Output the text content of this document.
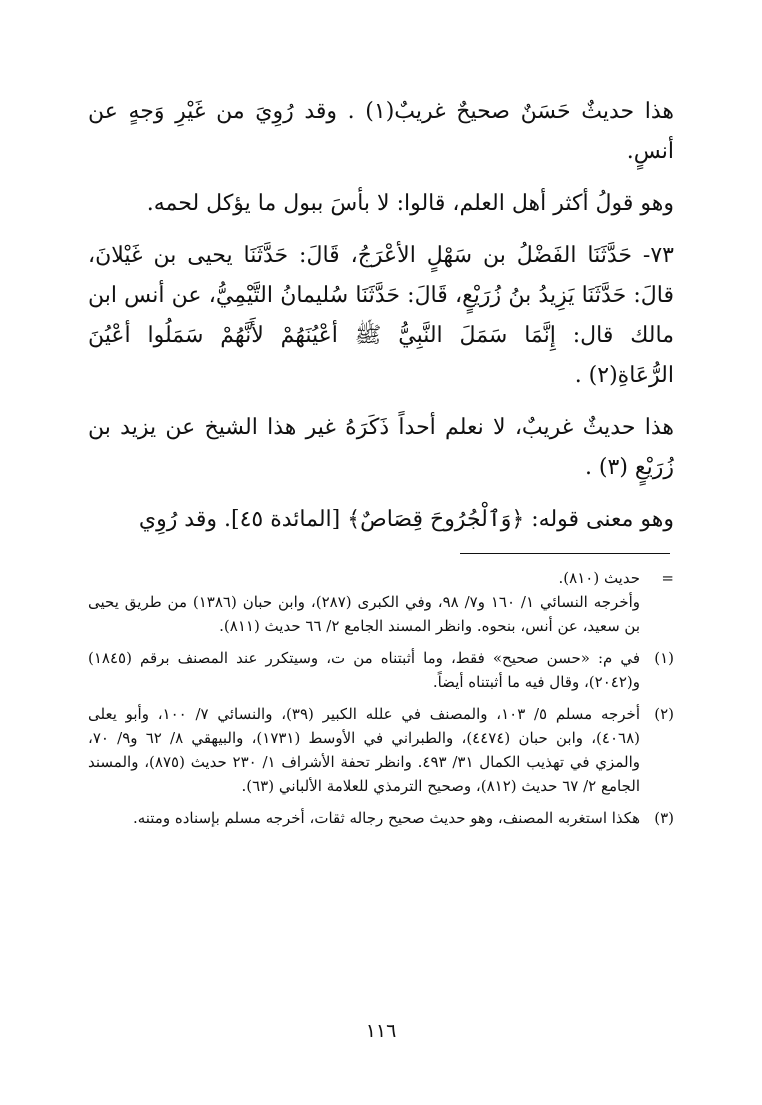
هذا حديثٌ حَسَنٌ صحيحٌ غريبٌ(١) . وقد رُوِيَ من غَيْرِ وَجهٍ عن أنسٍ.

وهو قولُ أكثر أهل العلم، قالوا: لا بأسَ ببول ما يؤكل لحمه.

٧٣- حَدَّثَنَا الفَضْلُ بن سَهْلٍ الأعْرَجُ، قَالَ: حَدَّثَنَا يحيى بن غَيْلانَ، قالَ: حَدَّثَنَا يَزِيدُ بنُ زُرَيْعٍ، قَالَ: حَدَّثَنَا سُليمانُ التَّيْمِيُّ، عن أنس ابن مالك قال: إِنَّمَا سَمَلَ النَّبِيُّ ﷺ أعْيُنَهُمْ لأَنَّهُمْ سَمَلُوا أعْيُنَ الرُّعَاةِ(٢) .

هذا حديثٌ غريبٌ، لا نعلم أحداً ذَكَرَهُ غير هذا الشيخ عن يزيد بن زُرَيْعٍ (٣) .

وهو معنى قوله: ﴿وَٱلْجُرُوحَ قِصَاصٌ﴾ [المائدة ٤٥]. وقد رُوِي

=
حديث (٨١٠).
وأخرجه النسائي ١/ ١٦٠ و٧/ ٩٨، وفي الكبرى (٢٨٧)، وابن حبان (١٣٨٦) من طريق يحيى بن سعيد، عن أنس، بنحوه. وانظر المسند الجامع ٢/ ٦٦ حديث (٨١١).
(١)
في م: «حسن صحيح» فقط، وما أثبتناه من ت، وسيتكرر عند المصنف برقم (١٨٤٥) و(٢٠٤٢)، وقال فيه ما أثبتناه أيضاً.
(٢)
أخرجه مسلم ٥/ ١٠٣، والمصنف في علله الكبير (٣٩)، والنسائي ٧/ ١٠٠، وأبو يعلى (٤٠٦٨)، وابن حبان (٤٤٧٤)، والطبراني في الأوسط (١٧٣١)، والبيهقي ٨/ ٦٢ و٩/ ٧٠، والمزي في تهذيب الكمال ٣١/ ٤٩٣. وانظر تحفة الأشراف ١/ ٢٣٠ حديث (٨٧٥)، والمسند الجامع ٢/ ٦٧ حديث (٨١٢)، وصحيح الترمذي للعلامة الألباني (٦٣).
(٣)
هكذا استغربه المصنف، وهو حديث صحيح رجاله ثقات، أخرجه مسلم بإسناده ومتنه.
١١٦
